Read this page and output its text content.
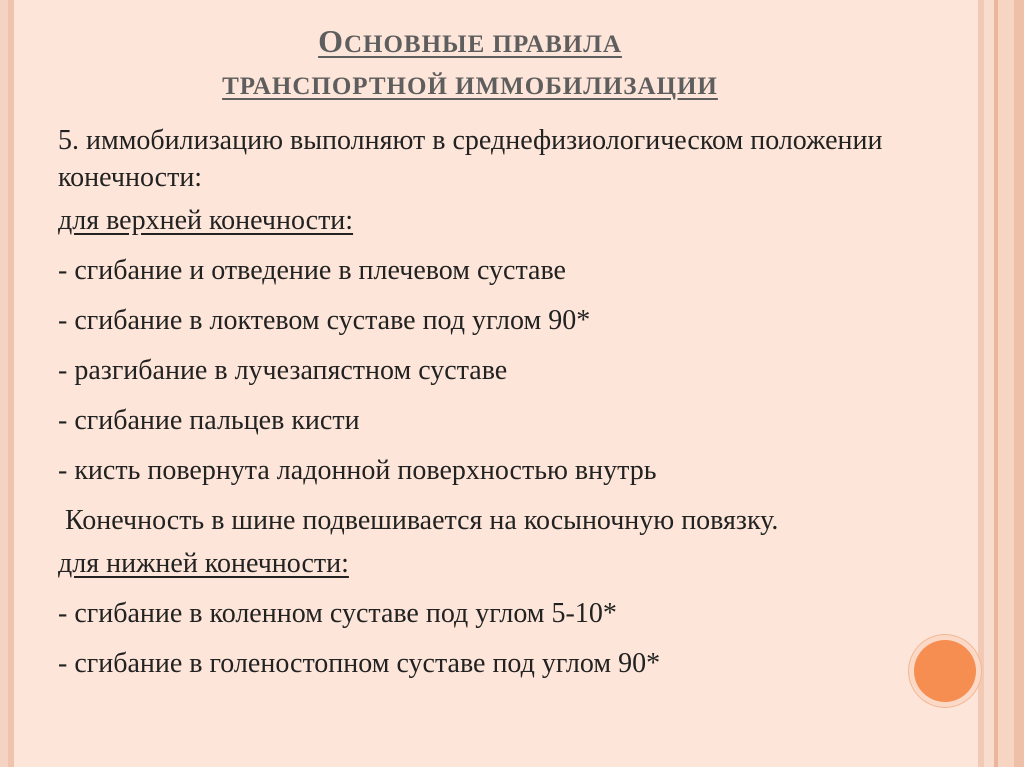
ОСНОВНЫЕ ПРАВИЛА
ТРАНСПОРТНОЙ ИММОБИЛИЗАЦИИ

5. иммобилизацию выполняют в среднефизиологическом положении конечности:

для верхней конечности:

- сгибание и отведение в плечевом суставе

- сгибание в локтевом суставе под углом 90*

- разгибание в лучезапястном суставе

- сгибание пальцев кисти

- кисть повернута ладонной поверхностью внутрь

Конечность в шине подвешивается на косыночную повязку.

для нижней конечности:

- сгибание в коленном суставе под углом 5-10*

- сгибание в голеностопном суставе под углом 90*
